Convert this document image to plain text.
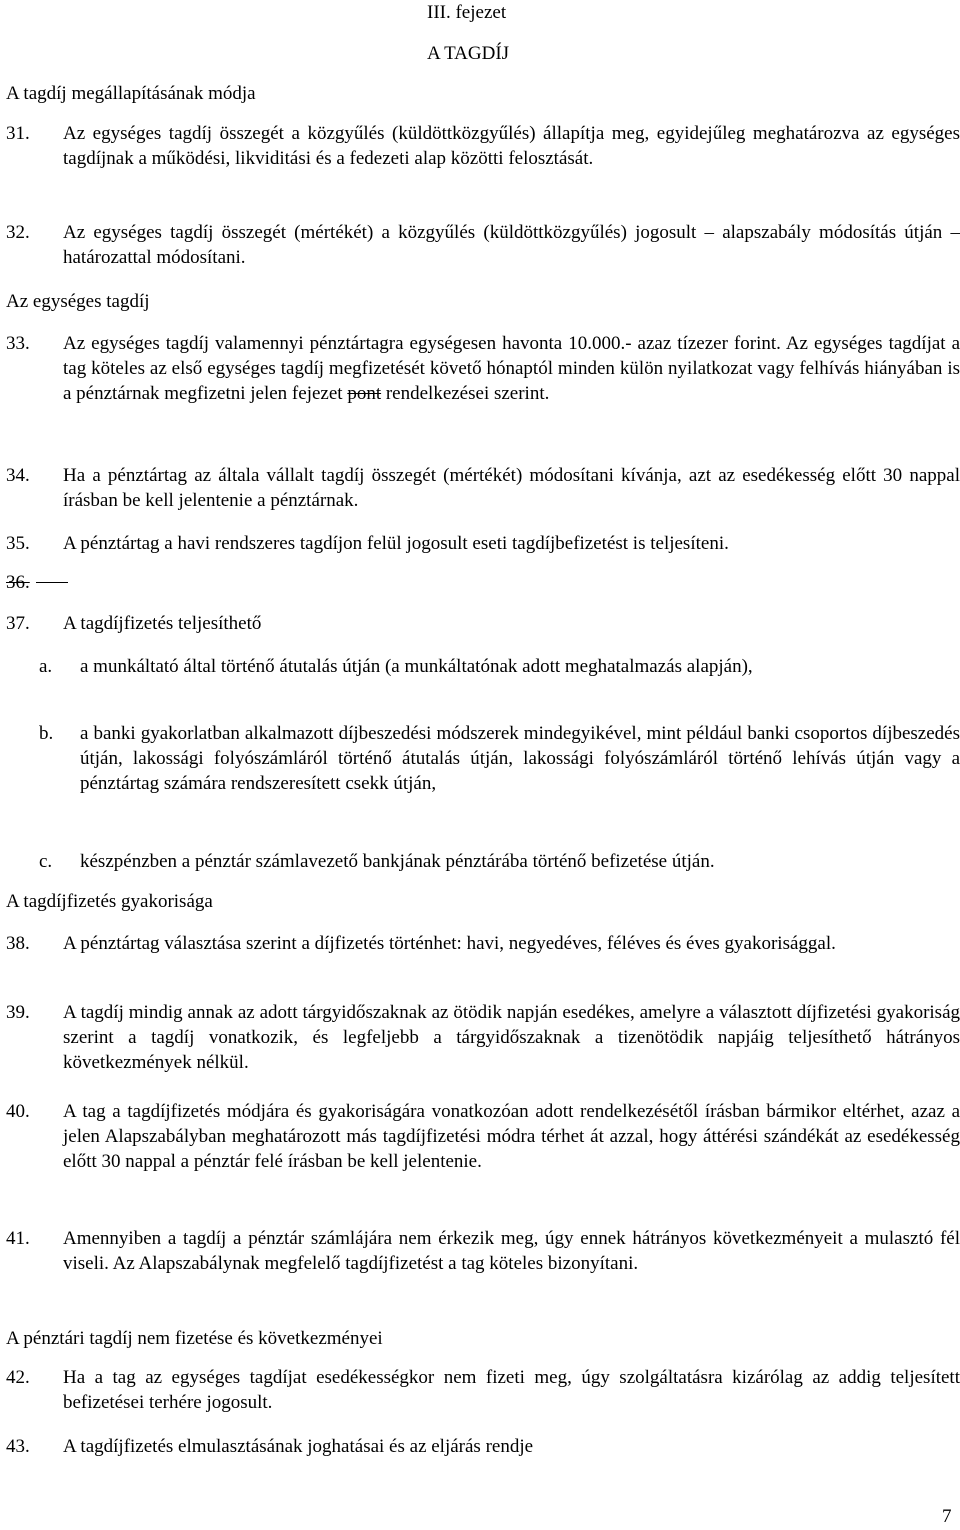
III. fejezet
A TAGDÍJ
A tagdíj megállapításának módja
31. Az egységes tagdíj összegét a közgyűlés (küldöttközgyűlés) állapítja meg, egyidejűleg meghatározva az egységes tagdíjnak a működési, likviditási és a fedezeti alap közötti felosztását.
32. Az egységes tagdíj összegét (mértékét) a közgyűlés (küldöttközgyűlés) jogosult – alapszabály módosítás útján – határozattal módosítani.
Az egységes tagdíj
33. Az egységes tagdíj valamennyi pénztártagra egységesen havonta 10.000.- azaz tízezer forint. Az egységes tagdíjat a tag köteles az első egységes tagdíj megfizetését követő hónaptól minden külön nyilatkozat vagy felhívás hiányában is a pénztárnak megfizetni jelen fejezet pont rendelkezései szerint.
34. Ha a pénztártag az általa vállalt tagdíj összegét (mértékét) módosítani kívánja, azt az esedékesség előtt 30 nappal írásban be kell jelentenie a pénztárnak.
35. A pénztártag a havi rendszeres tagdíjon felül jogosult eseti tagdíjbefizetést is teljesíteni.
36.
37. A tagdíjfizetés teljesíthető
a. a munkáltató által történő átutalás útján (a munkáltatónak adott meghatalmazás alapján),
b. a banki gyakorlatban alkalmazott díjbeszedési módszerek mindegyikével, mint például banki csoportos díjbeszedés útján, lakossági folyószámláról történő átutalás útján, lakossági folyószámláról történő lehívás útján vagy a pénztártag számára rendszeresített csekk útján,
c. készpénzben a pénztár számlavezető bankjának pénztárába történő befizetése útján.
A tagdíjfizetés gyakorisága
38. A pénztártag választása szerint a díjfizetés történhet: havi, negyedéves, féléves és éves gyakorisággal.
39. A tagdíj mindig annak az adott tárgyidőszaknak az ötödik napján esedékes, amelyre a választott díjfizetési gyakoriság szerint a tagdíj vonatkozik, és legfeljebb a tárgyidőszaknak a tizenötödik napjáig teljesíthető hátrányos következmények nélkül.
40. A tag a tagdíjfizetés módjára és gyakoriságára vonatkozóan adott rendelkezésétől írásban bármikor eltérhet, azaz a jelen Alapszabályban meghatározott más tagdíjfizetési módra térhet át azzal, hogy áttérési szándékát az esedékesség előtt 30 nappal a pénztár felé írásban be kell jelentenie.
41. Amennyiben a tagdíj a pénztár számlájára nem érkezik meg, úgy ennek hátrányos következményeit a mulasztó fél viseli. Az Alapszabálynak megfelelő tagdíjfizetést a tag köteles bizonyítani.
A pénztári tagdíj nem fizetése és következményei
42. Ha a tag az egységes tagdíjat esedékességkor nem fizeti meg, úgy szolgáltatásra kizárólag az addig teljesített befizetései terhére jogosult.
43. A tagdíjfizetés elmulasztásának joghatásai és az eljárás rendje
7
